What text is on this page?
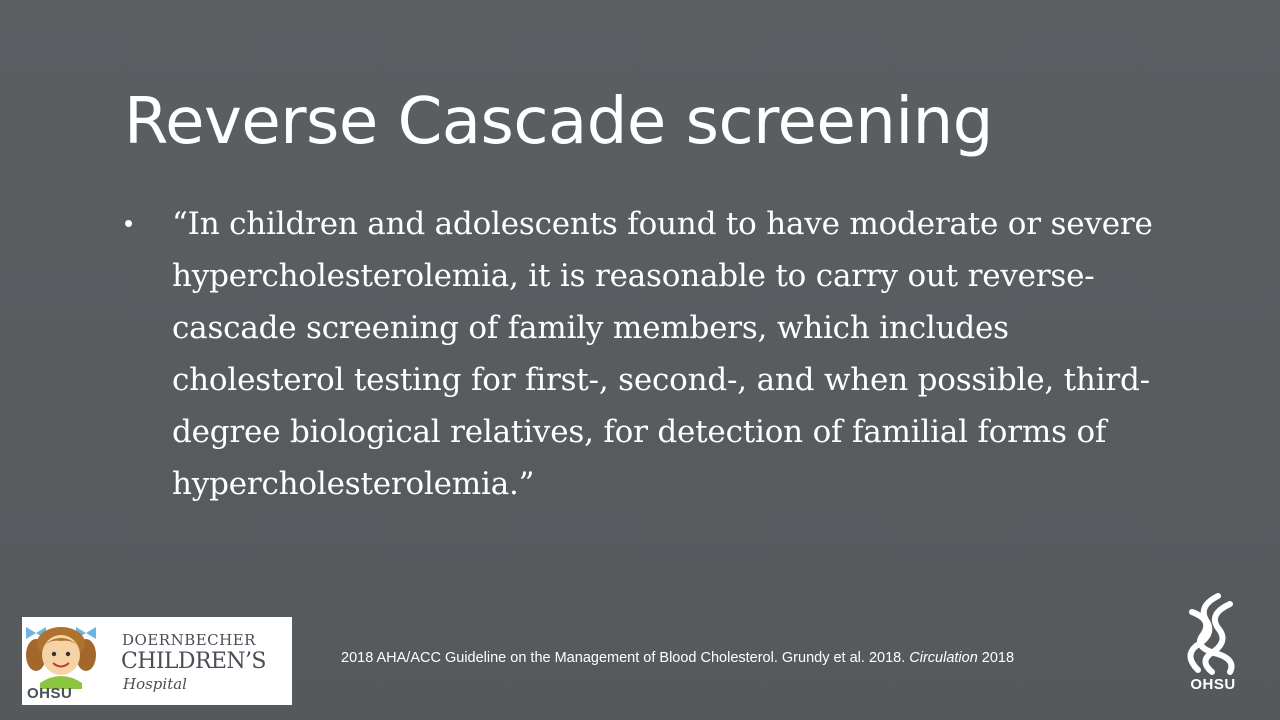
Reverse Cascade screening
• “In children and adolescents found to have moderate or severe hypercholesterolemia, it is reasonable to carry out reverse-cascade screening of family members, which includes cholesterol testing for first-, second-, and when possible, third-degree biological relatives, for detection of familial forms of hypercholesterolemia.”

OHSU
DOERNBECHER
CHILDREN’S
Hospital
2018 AHA/ACC Guideline on the Management of Blood Cholesterol. Grundy et al. 2018. Circulation 2018
OHSU
